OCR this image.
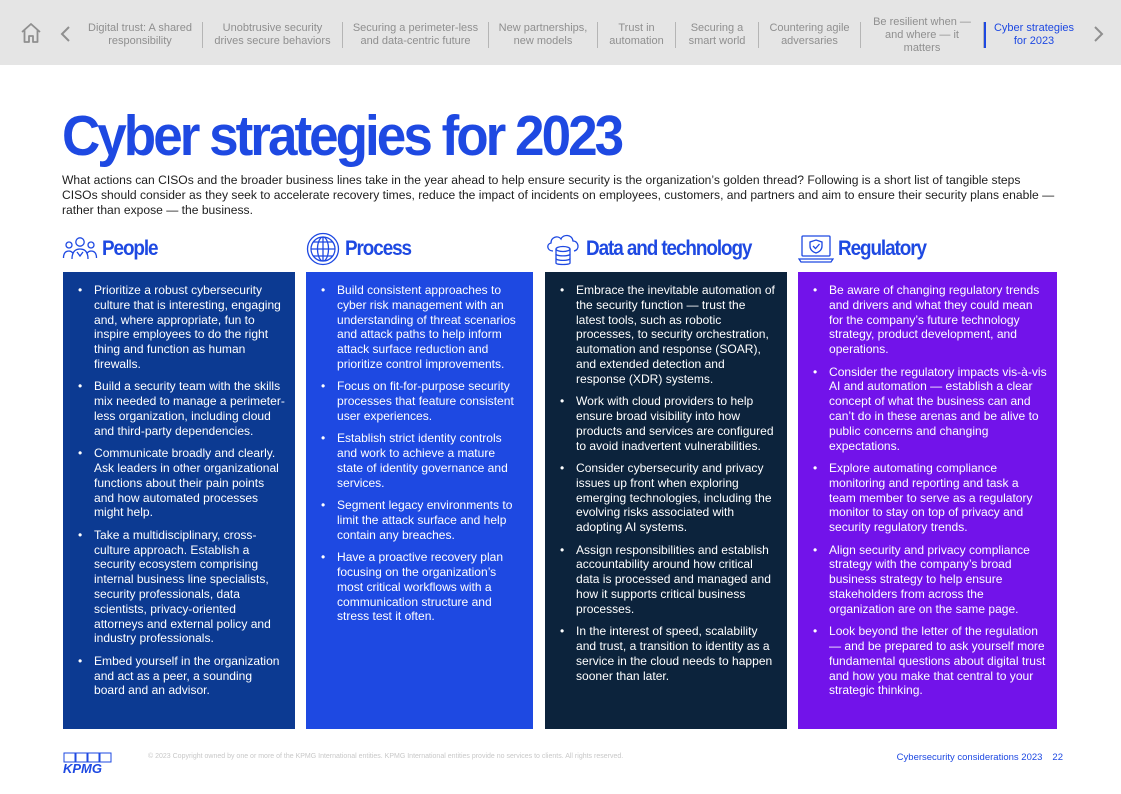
Digital trust: A shared
responsibility
Unobtrusive security
drives secure behaviors
Securing a perimeter-less
and data-centric future
New partnerships,
new models
Trust in
automation
Securing a
smart world
Countering agile
adversaries
Be resilient when —
and where — it matters
Cyber strategies
for 2023
Cyber strategies for 2023

What actions can CISOs and the broader business lines take in the year ahead to help ensure security is the organization’s golden thread? Following is a short list of tangible steps CISOs should consider as they seek to accelerate recovery times, reduce the impact of incidents on employees, customers, and partners and aim to ensure their security plans enable — rather than expose — the business.

People	Process	Data and technology	Regulatory
• Prioritize a robust cybersecurity culture that is interesting, engaging and, where appropriate, fun to inspire employees to do the right thing and function as human firewalls.
• Build a security team with the skills mix needed to manage a perimeter-less organization, including cloud and third-party dependencies.
• Communicate broadly and clearly. Ask leaders in other organizational functions about their pain points and how automated processes might help.
• Take a multidisciplinary, cross-culture approach. Establish a security ecosystem comprising internal business line specialists, security professionals, data scientists, privacy-oriented attorneys and external policy and industry professionals.
• Embed yourself in the organization and act as a peer, a sounding board and an advisor.
• Build consistent approaches to cyber risk management with an understanding of threat scenarios and attack paths to help inform attack surface reduction and prioritize control improvements.
• Focus on fit-for-purpose security processes that feature consistent user experiences.
• Establish strict identity controls and work to achieve a mature state of identity governance and services.
• Segment legacy environments to limit the attack surface and help contain any breaches.
• Have a proactive recovery plan focusing on the organization’s most critical workflows with a communication structure and stress test it often.
• Embrace the inevitable automation of the security function — trust the latest tools, such as robotic processes, to security orchestration, automation and response (SOAR), and extended detection and response (XDR) systems.
• Work with cloud providers to help ensure broad visibility into how products and services are configured to avoid inadvertent vulnerabilities.
• Consider cybersecurity and privacy issues up front when exploring emerging technologies, including the evolving risks associated with adopting AI systems.
• Assign responsibilities and establish accountability around how critical data is processed and managed and how it supports critical business processes.
• In the interest of speed, scalability and trust, a transition to identity as a service in the cloud needs to happen sooner than later.
• Be aware of changing regulatory trends and drivers and what they could mean for the company’s future technology strategy, product development, and operations.
• Consider the regulatory impacts vis-à-vis AI and automation — establish a clear concept of what the business can and can’t do in these arenas and be alive to public concerns and changing expectations.
• Explore automating compliance monitoring and reporting and task a team member to serve as a regulatory monitor to stay on top of privacy and security regulatory trends.
• Align security and privacy compliance strategy with the company’s broad business strategy to help ensure stakeholders from across the organization are on the same page.
• Look beyond the letter of the regulation — and be prepared to ask yourself more fundamental questions about digital trust and how you make that central to your strategic thinking.
KPMG
© 2023 Copyright owned by one or more of the KPMG International entities. KPMG International entities provide no services to clients. All rights reserved.	Cybersecurity considerations 2023 22
